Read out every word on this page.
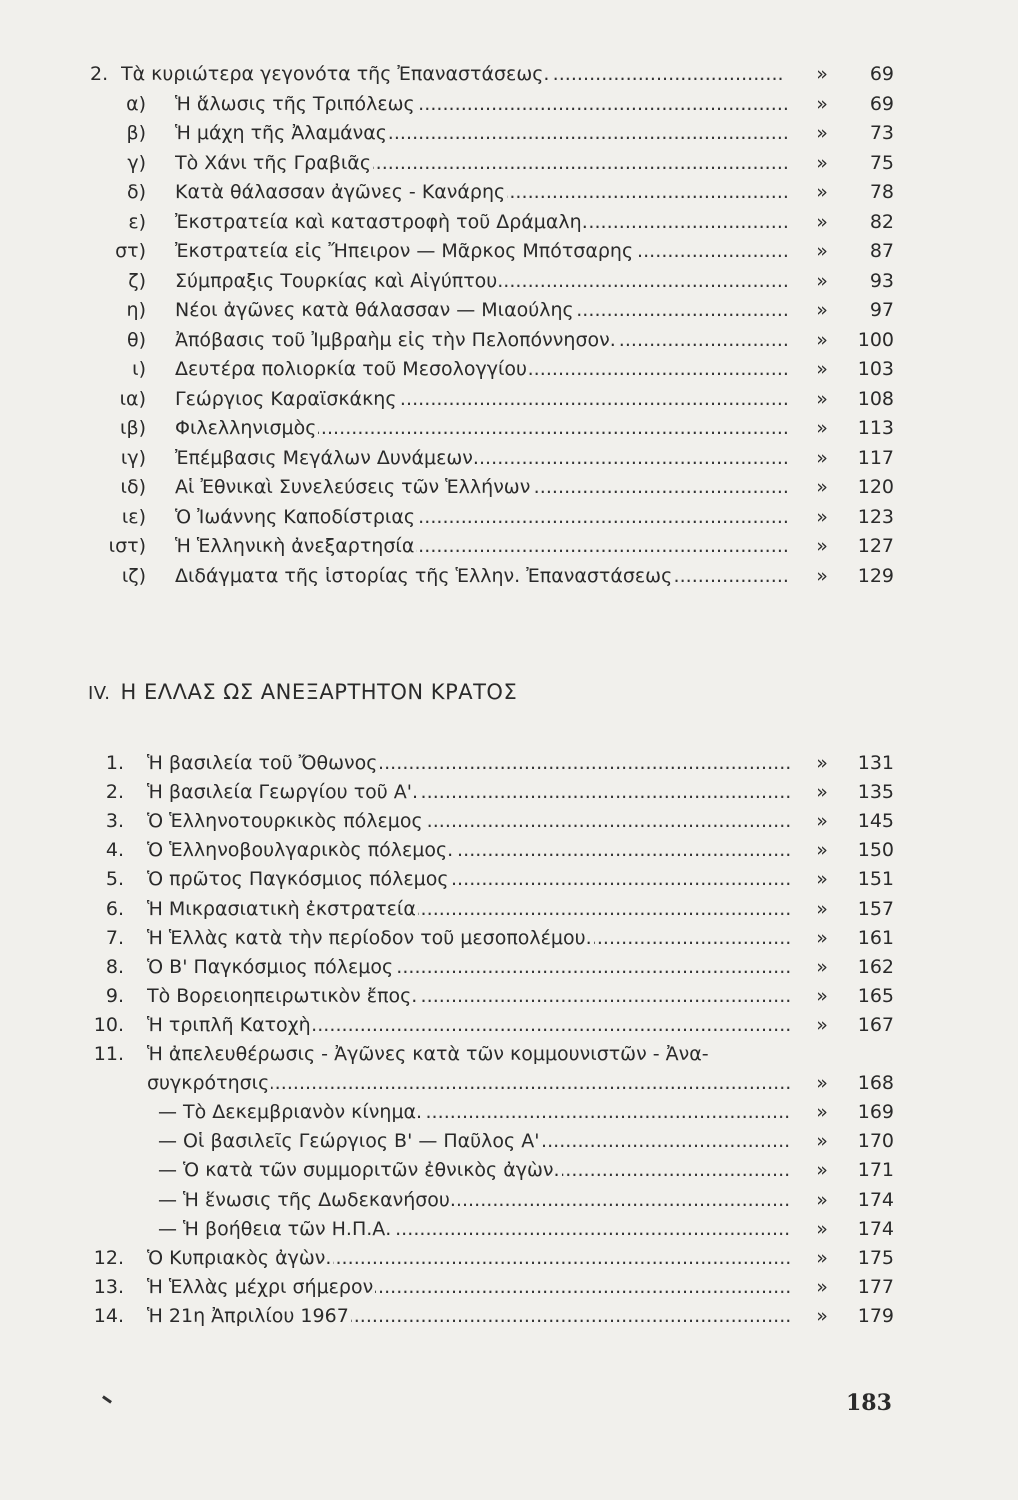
2. Τὰ κυριώτερα γεγονότα τῆς Ἐπαναστάσεως. . . .	»	69
α) Ἡ ἅλωσις τῆς Τριπόλεως . . .	»	69
β) Ἡ μάχη τῆς Ἀλαμάνας . . .	»	73
γ) Τὸ Χάνι τῆς Γραβιᾶς . . .	»	75
δ) Κατὰ θάλασσαν ἀγῶνες - Κανάρης . . .	»	78
ε) Ἐκστρατεία καὶ καταστροφὴ τοῦ Δράμαλη. . . .	»	82
στ) Ἐκστρατεία εἰς Ἤπειρον — Μᾶρκος Μπότσαρης . . .	»	87
ζ) Σύμπραξις Τουρκίας καὶ Αἰγύπτου . . .	»	93
η) Νέοι ἀγῶνες κατὰ θάλασσαν — Μιαούλης . . .	»	97
θ) Ἀπόβασις τοῦ Ἰμβραὴμ εἰς τὴν Πελοπόννησον. . . .	»	100
ι) Δευτέρα πολιορκία τοῦ Μεσολογγίου . . .	»	103
ια) Γεώργιος Καραϊσκάκης . . .	»	108
ιβ) Φιλελληνισμὸς . . .	»	113
ιγ) Ἐπέμβασις Μεγάλων Δυνάμεων. . . .	»	117
ιδ) Αἱ Ἐθνικαὶ Συνελεύσεις τῶν Ἑλλήνων . . .	»	120
ιε) Ὁ Ἰωάννης Καποδίστριας . . .	»	123
ιστ) Ἡ Ἑλληνικὴ ἀνεξαρτησία . . .	»	127
ιζ) Διδάγματα τῆς ἱστορίας τῆς Ἑλλην. Ἐπαναστάσεως . . .	»	129
IV. Η ΕΛΛΑΣ ΩΣ ΑΝΕΞΑΡΤΗΤΟΝ ΚΡΑΤΟΣ
1. Ἡ βασιλεία τοῦ Ὄθωνος . . .	»	131
2. Ἡ βασιλεία Γεωργίου τοῦ Α'. . . .	»	135
3. Ὁ Ἑλληνοτουρκικὸς πόλεμος . . .	»	145
4. Ὁ Ἑλληνοβουλγαρικὸς πόλεμος. . . .	»	150
5. Ὁ πρῶτος Παγκόσμιος πόλεμος . . .	»	151
6. Ἡ Μικρασιατικὴ ἐκστρατεία . . .	»	157
7. Ἡ Ἑλλὰς κατὰ τὴν περίοδον τοῦ μεσοπολέμου. . . .	»	161
8. Ὁ Β' Παγκόσμιος πόλεμος . . .	»	162
9. Τὸ Βορειοηπειρωτικὸν ἔπος. . . .	»	165
10. Ἡ τριπλῆ Κατοχὴ . . .	»	167
11. Ἡ ἀπελευθέρωσις - Ἀγῶνες κατὰ τῶν κομμουνιστῶν - Ἀνα-
συγκρότησις . . .	»	168
— Τὸ Δεκεμβριανὸν κίνημα. . . .	»	169
— Οἱ βασιλεῖς Γεώργιος Β' — Παῦλος Α' . . .	»	170
— Ὁ κατὰ τῶν συμμοριτῶν ἐθνικὸς ἀγὼν. . . .	»	171
— Ἡ ἕνωσις τῆς Δωδεκανήσου. . . .	»	174
— Ἡ βοήθεια τῶν Η.Π.Α. . . .	»	174
12. Ὁ Κυπριακὸς ἀγὼν. . . .	»	175
13. Ἡ Ἑλλὰς μέχρι σήμερον . . .	»	177
14. Ἡ 21η Ἀπριλίου 1967 . . .	»	179
183
